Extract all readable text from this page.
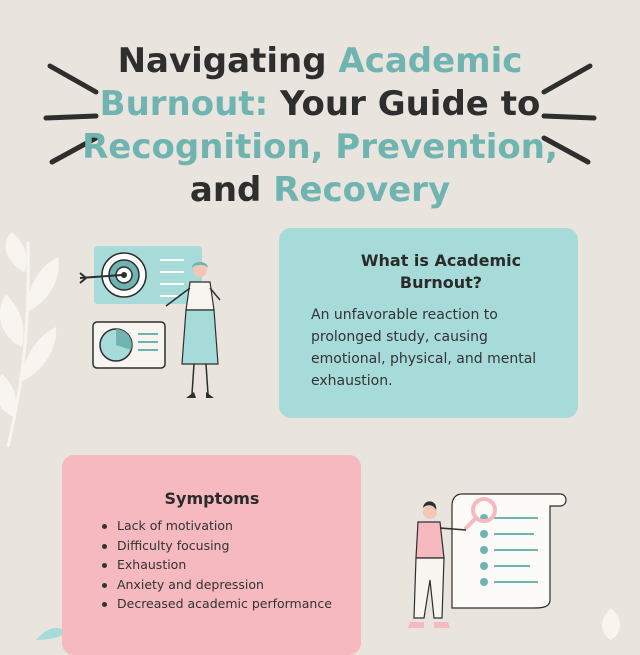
Navigating Academic
Burnout: Your Guide to
Recognition, Prevention,
and Recovery
What is Academic Burnout?

An unfavorable reaction to prolonged study, causing emotional, physical, and mental exhaustion.

Symptoms
Lack of motivation
Difficulty focusing
Exhaustion
Anxiety and depression
Decreased academic performance
